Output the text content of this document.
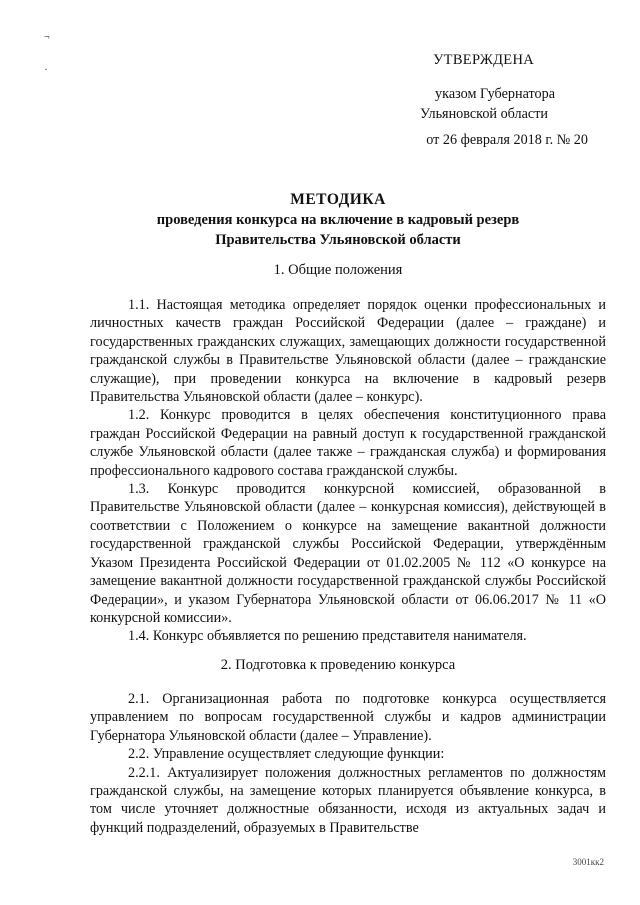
¬
·
УТВЕРЖДЕНА
указом Губернатора
Ульяновской области
от 26 февраля 2018 г. № 20
МЕТОДИКА
проведения конкурса на включение в кадровый резерв
Правительства Ульяновской области
1. Общие положения

1.1. Настоящая методика определяет порядок оценки профессиональных и личностных качеств граждан Российской Федерации (далее – граждане) и государственных гражданских служащих, замещающих должности государственной гражданской службы в Правительстве Ульяновской области (далее – гражданские служащие), при проведении конкурса на включение в кадровый резерв Правительства Ульяновской области (далее – конкурс).

1.2. Конкурс проводится в целях обеспечения конституционного права граждан Российской Федерации на равный доступ к государственной гражданской службе Ульяновской области (далее также – гражданская служба) и формирования профессионального кадрового состава гражданской службы.

1.3. Конкурс проводится конкурсной комиссией, образованной в Правительстве Ульяновской области (далее – конкурсная комиссия), действующей в соответствии с Положением о конкурсе на замещение вакантной должности государственной гражданской службы Российской Федерации, утверждённым Указом Президента Российской Федерации от 01.02.2005 № 112 «О конкурсе на замещение вакантной должности государственной гражданской службы Российской Федерации», и указом Губернатора Ульяновской области от 06.06.2017 № 11 «О конкурсной комиссии».

1.4. Конкурс объявляется по решению представителя нанимателя.

2. Подготовка к проведению конкурса

2.1. Организационная работа по подготовке конкурса осуществляется управлением по вопросам государственной службы и кадров администрации Губернатора Ульяновской области (далее – Управление).

2.2. Управление осуществляет следующие функции:

2.2.1. Актуализирует положения должностных регламентов по должностям гражданской службы, на замещение которых планируется объявление конкурса, в том числе уточняет должностные обязанности, исходя из актуальных задач и функций подразделений, образуемых в Правительстве

3001кк2
